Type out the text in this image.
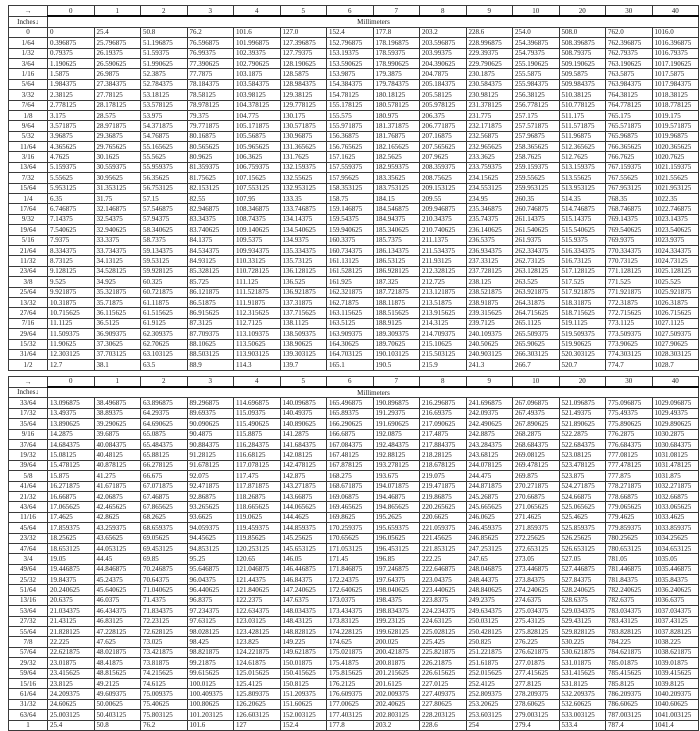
→	0	1	2	3	4	5	6	7	8	9	10	20	30	40
Inches↓	Millimeters													
0	0	25.4	50.8	76.2	101.6	127.0	152.4	177.8	203.2	228.6	254.0	508.0	762.0	1016.0
1/64	0.396875	25.796875	51.196875	76.596875	101.996875	127.396875	152.796875	178.196875	203.596875	228.996875	254.396875	508.396875	762.396875	1016.396875
1/32	0.79375	26.19375	51.59375	76.99375	102.39375	127.79375	153.19375	178.59375	203.99375	229.39375	254.79375	508.79375	762.79375	1016.79375
3/64	1.190625	26.590625	51.990625	77.390625	102.790625	128.190625	153.590625	178.990625	204.390625	229.790625	255.190625	509.190625	763.190625	1017.190625
1/16	1.5875	26.9875	52.3875	77.7875	103.1875	128.5875	153.9875	179.3875	204.7875	230.1875	255.5875	509.5875	763.5875	1017.5875
5/64	1.984375	27.384375	52.784375	78.184375	103.584375	128.984375	154.384375	179.784375	205.184375	230.584375	255.984375	509.984375	763.984375	1017.984375
3/32	2.38125	27.78125	53.18125	78.58125	103.98125	129.38125	154.78125	180.18125	205.58125	230.98125	256.38125	510.38125	764.38125	1018.38125
7/64	2.778125	28.178125	53.578125	78.978125	104.378125	129.778125	155.178125	180.578125	205.978125	231.378125	256.778125	510.778125	764.778125	1018.778125
1/8	3.175	28.575	53.975	79.375	104.775	130.175	155.575	180.975	206.375	231.775	257.175	511.175	765.175	1019.175
9/64	3.571875	28.971875	54.371875	79.771875	105.171875	130.571875	155.971875	181.371875	206.771875	232.171875	257.571875	511.571875	765.571875	1019.571875
5/32	3.96875	29.36875	54.76875	80.16875	105.56875	130.96875	156.36875	181.76875	207.16875	232.56875	257.96875	511.96875	765.96875	1019.96875
11/64	4.365625	29.765625	55.165625	80.565625	105.965625	131.365625	156.765625	182.165625	207.565625	232.965625	258.365625	512.365625	766.365625	1020.365625
3/16	4.7625	30.1625	55.5625	80.9625	106.3625	131.7625	157.1625	182.5625	207.9625	233.3625	258.7625	512.7625	766.7625	1020.7625
13/64	5.159375	30.559375	55.959375	81.359375	106.759375	132.159375	157.559375	182.959375	208.359375	233.759375	259.159375	513.159375	767.159375	1021.159375
7/32	5.55625	30.95625	56.35625	81.75625	107.15625	132.55625	157.95625	183.35625	208.75625	234.15625	259.55625	513.55625	767.55625	1021.55625
15/64	5.953125	31.353125	56.753125	82.153125	107.553125	132.953125	158.353125	183.753125	209.153125	234.553125	259.953125	513.953125	767.953125	1021.953125
1/4	6.35	31.75	57.15	82.55	107.95	133.35	158.75	184.15	209.55	234.95	260.35	514.35	768.35	1022.35
17/64	6.746875	32.146875	57.546875	82.946875	108.346875	133.746875	159.146875	184.546875	209.946875	235.346875	260.746875	514.746875	768.746875	1022.746875
9/32	7.14375	32.54375	57.94375	83.34375	108.74375	134.14375	159.54375	184.94375	210.34375	235.74375	261.14375	515.14375	769.14375	1023.14375
19/64	7.540625	32.940625	58.340625	83.740625	109.140625	134.540625	159.940625	185.340625	210.740625	236.140625	261.540625	515.540625	769.540625	1023.540625
5/16	7.9375	33.3375	58.7375	84.1375	109.5375	134.9375	160.3375	185.7375	211.1375	236.5375	261.9375	515.9375	769.9375	1023.9375
21/64	8.334375	33.734375	59.134375	84.534375	109.934375	135.334375	160.734375	186.134375	211.534375	236.934375	262.334375	516.334375	770.334375	1024.334375
11/32	8.73125	34.13125	59.53125	84.93125	110.33125	135.73125	161.13125	186.53125	211.93125	237.33125	262.73125	516.73125	770.73125	1024.73125
23/64	9.128125	34.528125	59.928125	85.328125	110.728125	136.128125	161.528125	186.928125	212.328125	237.728125	263.128125	517.128125	771.128125	1025.128125
3/8	9.525	34.925	60.325	85.725	111.125	136.525	161.925	187.325	212.725	238.125	263.525	517.525	771.525	1025.525
25/64	9.921875	35.321875	60.721875	86.121875	111.521875	136.921875	162.321875	187.721875	213.121875	238.521875	263.921875	517.921875	771.921875	1025.921875
13/32	10.31875	35.71875	61.11875	86.51875	111.91875	137.31875	162.71875	188.11875	213.51875	238.91875	264.31875	518.31875	772.31875	1026.31875
27/64	10.715625	36.115625	61.515625	86.915625	112.315625	137.715625	163.115625	188.515625	213.915625	239.315625	264.715625	518.715625	772.715625	1026.715625
7/16	11.1125	36.5125	61.9125	87.3125	112.7125	138.1125	163.5125	188.9125	214.3125	239.7125	265.1125	519.1125	773.1125	1027.1125
29/64	11.509375	36.909375	62.309375	87.709375	113.109375	138.509375	163.909375	189.309375	214.709375	240.109375	265.509375	519.509375	773.509375	1027.509375
15/32	11.90625	37.30625	62.70625	88.10625	113.50625	138.90625	164.30625	189.70625	215.10625	240.50625	265.90625	519.90625	773.90625	1027.90625
31/64	12.303125	37.703125	63.103125	88.503125	113.903125	139.303125	164.703125	190.103125	215.503125	240.903125	266.303125	520.303125	774.303125	1028.303125
1/2	12.7	38.1	63.5	88.9	114.3	139.7	165.1	190.5	215.9	241.3	266.7	520.7	774.7	1028.7
→	0	1	2	3	4	5	6	7	8	9	10	20	30	40
Inches↓	Millimeters													
33/64	13.096875	38.496875	63.896875	89.296875	114.696875	140.096875	165.496875	190.896875	216.296875	241.696875	267.096875	521.096875	775.096875	1029.096875
17/32	13.49375	38.89375	64.29375	89.69375	115.09375	140.49375	165.89375	191.29375	216.69375	242.09375	267.49375	521.49375	775.49375	1029.49375
35/64	13.890625	39.290625	64.690625	90.090625	115.490625	140.890625	166.290625	191.690625	217.090625	242.490625	267.890625	521.890625	775.890625	1029.890625
9/16	14.2875	39.6875	65.0875	90.4875	115.8875	141.2875	166.6875	192.0875	217.4875	242.8875	268.2875	522.2875	776.2875	1030.2875
37/64	14.684375	40.084375	65.484375	90.884375	116.284375	141.684375	167.084375	192.484375	217.884375	243.284375	268.684375	522.684375	776.684375	1030.684375
19/32	15.08125	40.48125	65.88125	91.28125	116.68125	142.08125	167.48125	192.88125	218.28125	243.68125	269.08125	523.08125	777.08125	1031.08125
39/64	15.478125	40.878125	66.278125	91.678125	117.078125	142.478125	167.878125	193.278125	218.678125	244.078125	269.478125	523.478125	777.478125	1031.478125
5/8	15.875	41.275	66.675	92.075	117.475	142.875	168.275	193.675	219.075	244.475	269.875	523.875	777.875	1031.875
41/64	16.271875	41.671875	67.071875	92.471875	117.871875	143.271875	168.671875	194.071875	219.471875	244.871875	270.271875	524.271875	778.271875	1032.271875
21/32	16.66875	42.06875	67.46875	92.86875	118.26875	143.66875	169.06875	194.46875	219.86875	245.26875	270.66875	524.66875	778.66875	1032.66875
43/64	17.065625	42.465625	67.865625	93.265625	118.665625	144.065625	169.465625	194.865625	220.265625	245.665625	271.065625	525.065625	779.065625	1033.065625
11/16	17.4625	42.8625	68.2625	93.6625	119.0625	144.4625	169.8625	195.2625	220.6625	246.0625	271.4625	525.4625	779.4625	1033.4625
45/64	17.859375	43.259375	68.659375	94.059375	119.459375	144.859375	170.259375	195.659375	221.059375	246.459375	271.859375	525.859375	779.859375	1033.859375
23/32	18.25625	43.65625	69.05625	94.45625	119.85625	145.25625	170.65625	196.05625	221.45625	246.85625	272.25625	526.25625	780.25625	1034.25625
47/64	18.653125	44.053125	69.453125	94.853125	120.253125	145.653125	171.053125	196.453125	221.853125	247.253125	272.653125	526.653125	780.653125	1034.653125
3/4	19.05	44.45	69.85	95.25	120.65	146.05	171.45	196.85	222.25	247.65	273.05	527.05	781.05	1035.05
49/64	19.446875	44.846875	70.246875	95.646875	121.046875	146.446875	171.846875	197.246875	222.646875	248.046875	273.446875	527.446875	781.446875	1035.446875
25/32	19.84375	45.24375	70.64375	96.04375	121.44375	146.84375	172.24375	197.64375	223.04375	248.44375	273.84375	527.84375	781.84375	1035.84375
51/64	20.240625	45.640625	71.040625	96.440625	121.840625	147.240625	172.640625	198.040625	223.440625	248.840625	274.240625	528.240625	782.240625	1036.240625
13/16	20.6375	46.0375	71.4375	96.8375	122.2375	147.6375	173.0375	198.4375	223.8375	249.2375	274.6375	528.6375	782.6375	1036.6375
53/64	21.034375	46.434375	71.834375	97.234375	122.634375	148.034375	173.434375	198.834375	224.234375	249.634375	275.034375	529.034375	783.034375	1037.034375
27/32	21.43125	46.83125	72.23125	97.63125	123.03125	148.43125	173.83125	199.23125	224.63125	250.03125	275.43125	529.43125	783.43125	1037.43125
55/64	21.828125	47.228125	72.628125	98.028125	123.428125	148.828125	174.228125	199.628125	225.028125	250.428125	275.828125	529.828125	783.828125	1037.828125
7/8	22.225	47.625	73.025	98.425	123.825	149.225	174.625	200.025	225.425	250.825	276.225	530.225	784.225	1038.225
57/64	22.621875	48.021875	73.421875	98.821875	124.221875	149.621875	175.021875	200.421875	225.821875	251.221875	276.621875	530.621875	784.621875	1038.621875
29/32	23.01875	48.41875	73.81875	99.21875	124.61875	150.01875	175.41875	200.81875	226.21875	251.61875	277.01875	531.01875	785.01875	1039.01875
59/64	23.415625	48.815625	74.215625	99.615625	125.015625	150.415625	175.815625	201.215625	226.615625	252.015625	277.415625	531.415625	785.415625	1039.415625
15/16	23.8125	49.2125	74.6125	100.0125	125.4125	150.8125	176.2125	201.6125	227.0125	252.4125	277.8125	531.8125	785.8125	1039.8125
61/64	24.209375	49.609375	75.009375	100.409375	125.809375	151.209375	176.609375	202.009375	227.409375	252.809375	278.209375	532.209375	786.209375	1040.209375
31/32	24.60625	50.00625	75.40625	100.80625	126.20625	151.60625	177.00625	202.40625	227.80625	253.20625	278.60625	532.60625	786.60625	1040.60625
63/64	25.003125	50.403125	75.803125	101.203125	126.603125	152.003125	177.403125	202.803125	228.203125	253.603125	279.003125	533.003125	787.003125	1041.003125
1	25.4	50.8	76.2	101.6	127	152.4	177.8	203.2	228.6	254	279.4	533.4	787.4	1041.4
